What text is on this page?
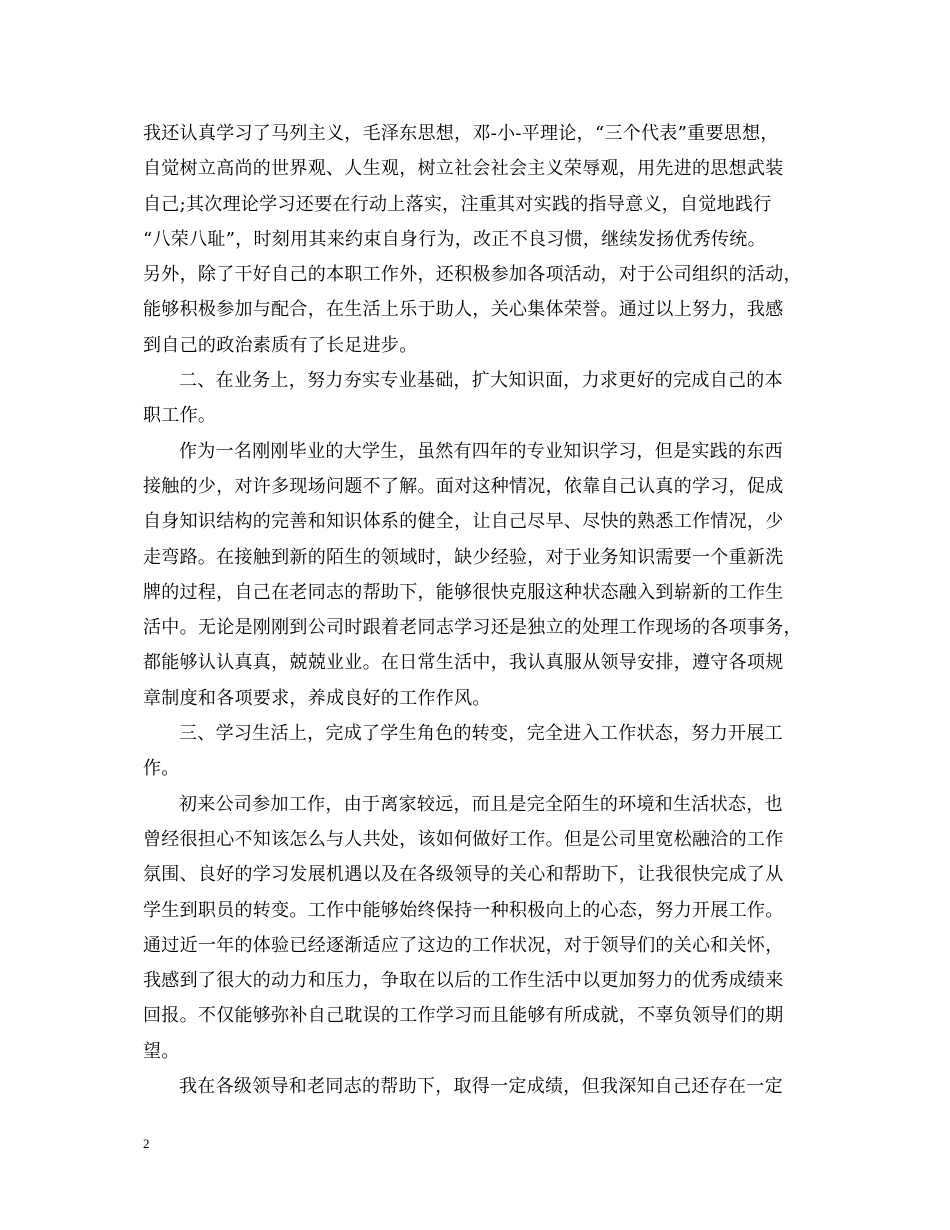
我还认真学习了马列主义，毛泽东思想，邓-小-平理论，“三个代表”重要思想，
自觉树立高尚的世界观、人生观，树立社会社会主义荣辱观，用先进的思想武装
自己;其次理论学习还要在行动上落实，注重其对实践的指导意义，自觉地践行
“八荣八耻”，时刻用其来约束自身行为，改正不良习惯，继续发扬优秀传统。
另外，除了干好自己的本职工作外，还积极参加各项活动，对于公司组织的活动，
能够积极参加与配合，在生活上乐于助人，关心集体荣誉。通过以上努力，我感
到自己的政治素质有了长足进步。
二、在业务上，努力夯实专业基础，扩大知识面，力求更好的完成自己的本
职工作。
作为一名刚刚毕业的大学生，虽然有四年的专业知识学习，但是实践的东西
接触的少，对许多现场问题不了解。面对这种情况，依靠自己认真的学习，促成
自身知识结构的完善和知识体系的健全，让自己尽早、尽快的熟悉工作情况，少
走弯路。在接触到新的陌生的领域时，缺少经验，对于业务知识需要一个重新洗
牌的过程，自己在老同志的帮助下，能够很快克服这种状态融入到崭新的工作生
活中。无论是刚刚到公司时跟着老同志学习还是独立的处理工作现场的各项事务，
都能够认认真真，兢兢业业。在日常生活中，我认真服从领导安排，遵守各项规
章制度和各项要求，养成良好的工作作风。
三、学习生活上，完成了学生角色的转变，完全进入工作状态，努力开展工
作。
初来公司参加工作，由于离家较远，而且是完全陌生的环境和生活状态，也
曾经很担心不知该怎么与人共处，该如何做好工作。但是公司里宽松融洽的工作
氛围、良好的学习发展机遇以及在各级领导的关心和帮助下，让我很快完成了从
学生到职员的转变。工作中能够始终保持一种积极向上的心态，努力开展工作。
通过近一年的体验已经逐渐适应了这边的工作状况，对于领导们的关心和关怀，
我感到了很大的动力和压力，争取在以后的工作生活中以更加努力的优秀成绩来
回报。不仅能够弥补自己耽误的工作学习而且能够有所成就，不辜负领导们的期
望。
我在各级领导和老同志的帮助下，取得一定成绩，但我深知自己还存在一定
2
